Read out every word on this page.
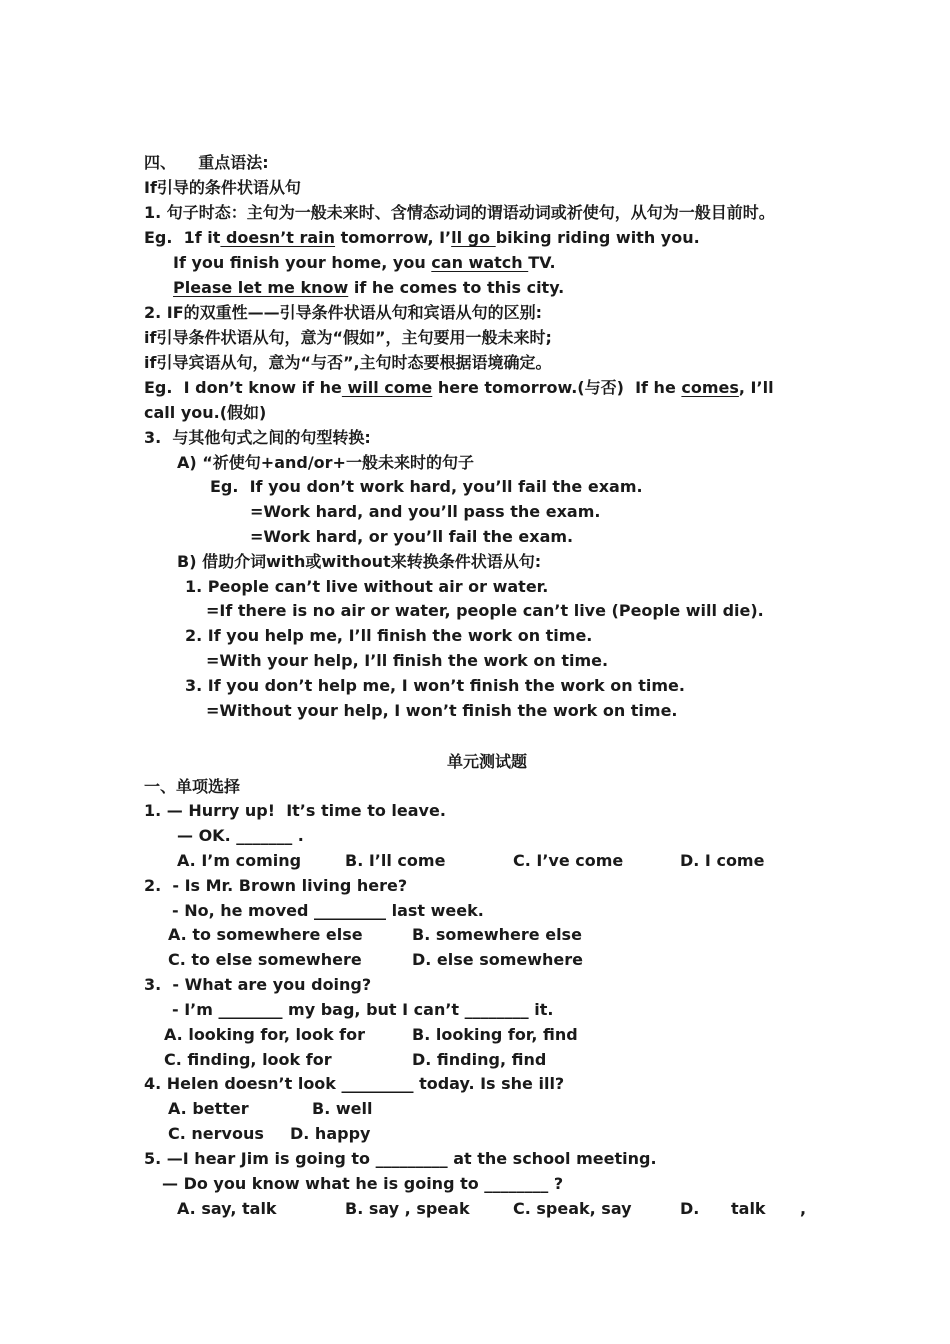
四、    重点语法:
If引导的条件状语从句
1. 句子时态：主句为一般未来时、含情态动词的谓语动词或祈使句，从句为一般目前时。
Eg.  1f it doesn’t rain tomorrow, I’ll go biking riding with you.
If you finish your home, you can watch TV.
Please let me know if he comes to this city.
2. IF的双重性——引导条件状语从句和宾语从句的区别:
if引导条件状语从句，意为“假如”，主句要用一般未来时;
if引导宾语从句，意为“与否”,主句时态要根据语境确定。
Eg.  I don’t know if he will come here tomorrow.(与否)  If he comes, I’ll
call you.(假如)
3.  与其他句式之间的句型转换:
A) “祈使句+and/or+一般未来时的句子
Eg.  If you don’t work hard, you’ll fail the exam.
=Work hard, and you’ll pass the exam.
=Work hard, or you’ll fail the exam.
B) 借助介词with或without来转换条件状语从句:
1. People can’t live without air or water.
=If there is no air or water, people can’t live (People will die).
2. If you help me, I’ll finish the work on time.
=With your help, I’ll finish the work on time.
3. If you don’t help me, I won’t finish the work on time.
=Without your help, I won’t finish the work on time.
单元测试题
一、单项选择
1. — Hurry up!  It’s time to leave.
— OK. _______ .
A. I’m coming	B. I’ll come	C. I’ve come	D. I come
2.  - Is Mr. Brown living here?
- No, he moved _________ last week.
A. to somewhere else	B. somewhere else
C. to else somewhere	D. else somewhere
3.  - What are you doing?
- I’m ________ my bag, but I can’t ________ it.
A. looking for, look for	B. looking for, find
C. finding, look for	D. finding, find
4. Helen doesn’t look _________ today. Is she ill?
A. better	B. well
C. nervous D. happy
5. —I hear Jim is going to _________ at the school meeting.
— Do you know what he is going to ________ ?
A. say, talk	B. say , speak	C. speak, say	D. talk ,
